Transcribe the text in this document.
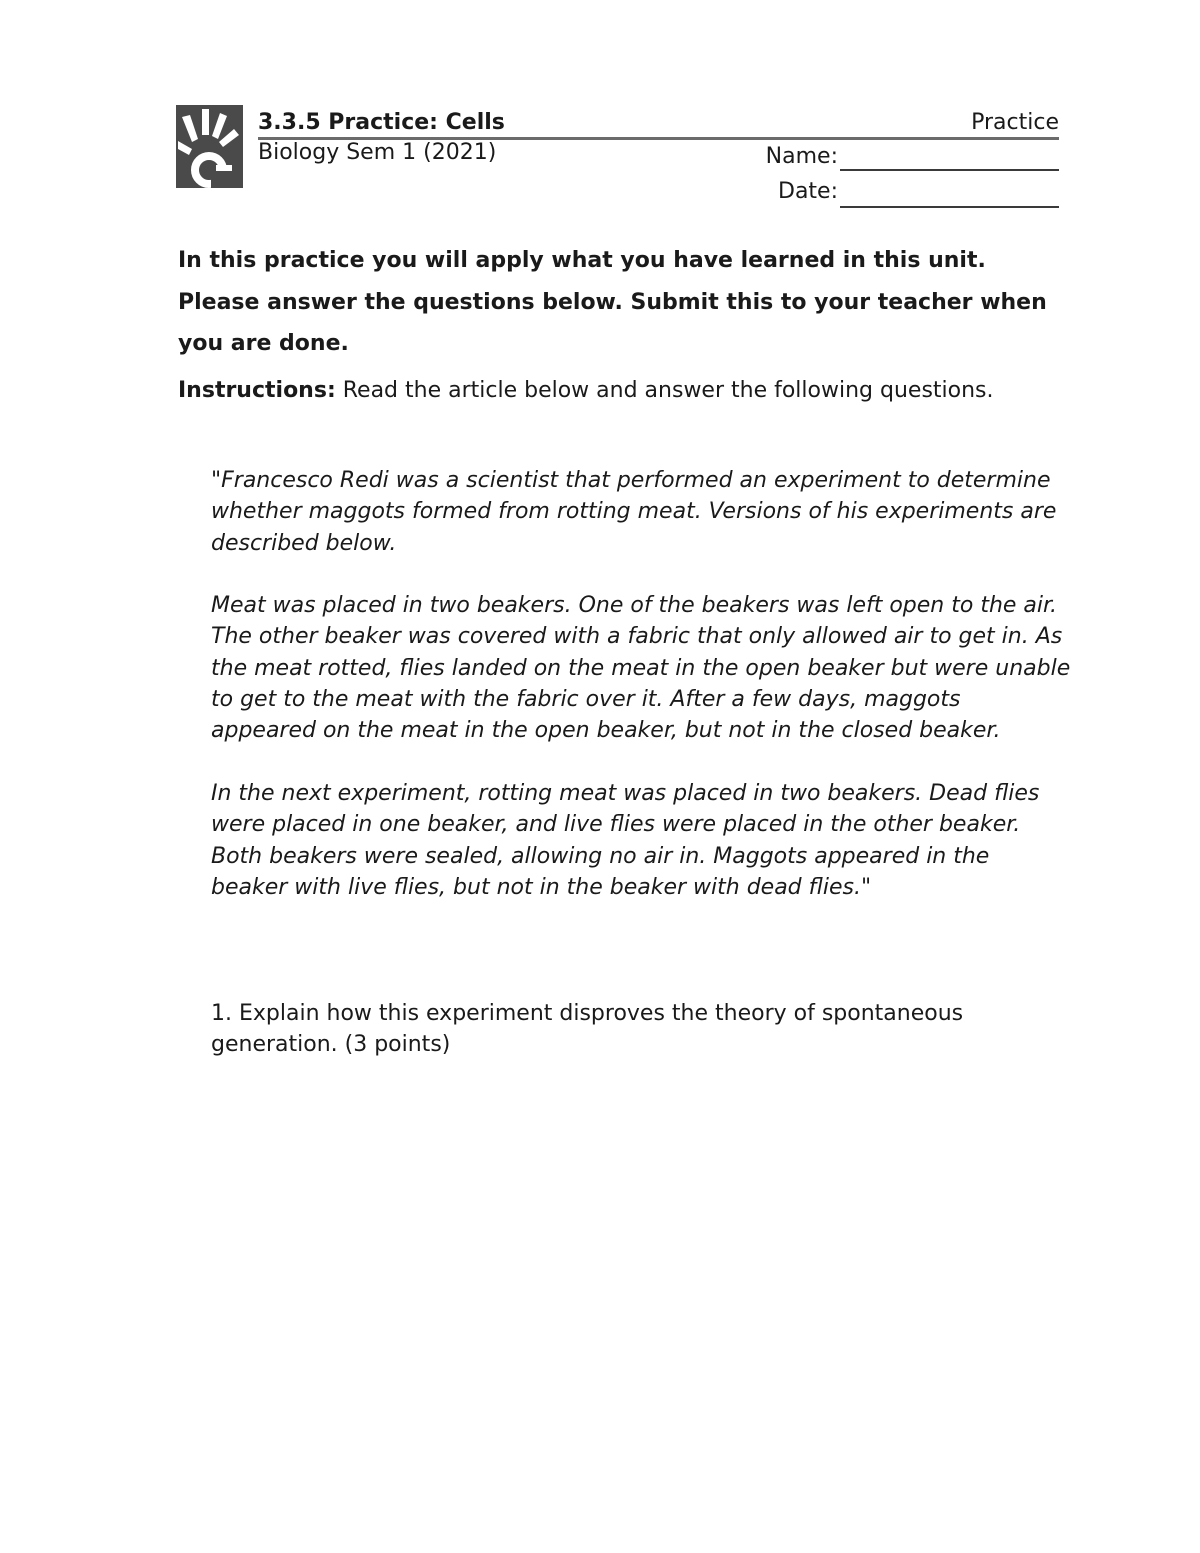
3.3.5 Practice: Cells	Practice
Biology Sem 1 (2021)	Name:
Date:

In this practice you will apply what you have learned in this unit. Please answer the questions below. Submit this to your teacher when you are done.

Instructions: Read the article below and answer the following questions.

"Francesco Redi was a scientist that performed an experiment to determine whether maggots formed from rotting meat. Versions of his experiments are described below.

Meat was placed in two beakers. One of the beakers was left open to the air. The other beaker was covered with a fabric that only allowed air to get in. As the meat rotted, flies landed on the meat in the open beaker but were unable to get to the meat with the fabric over it. After a few days, maggots appeared on the meat in the open beaker, but not in the closed beaker.

In the next experiment, rotting meat was placed in two beakers. Dead flies were placed in one beaker, and live flies were placed in the other beaker. Both beakers were sealed, allowing no air in. Maggots appeared in the beaker with live flies, but not in the beaker with dead flies."

1. Explain how this experiment disproves the theory of spontaneous generation. (3 points)
